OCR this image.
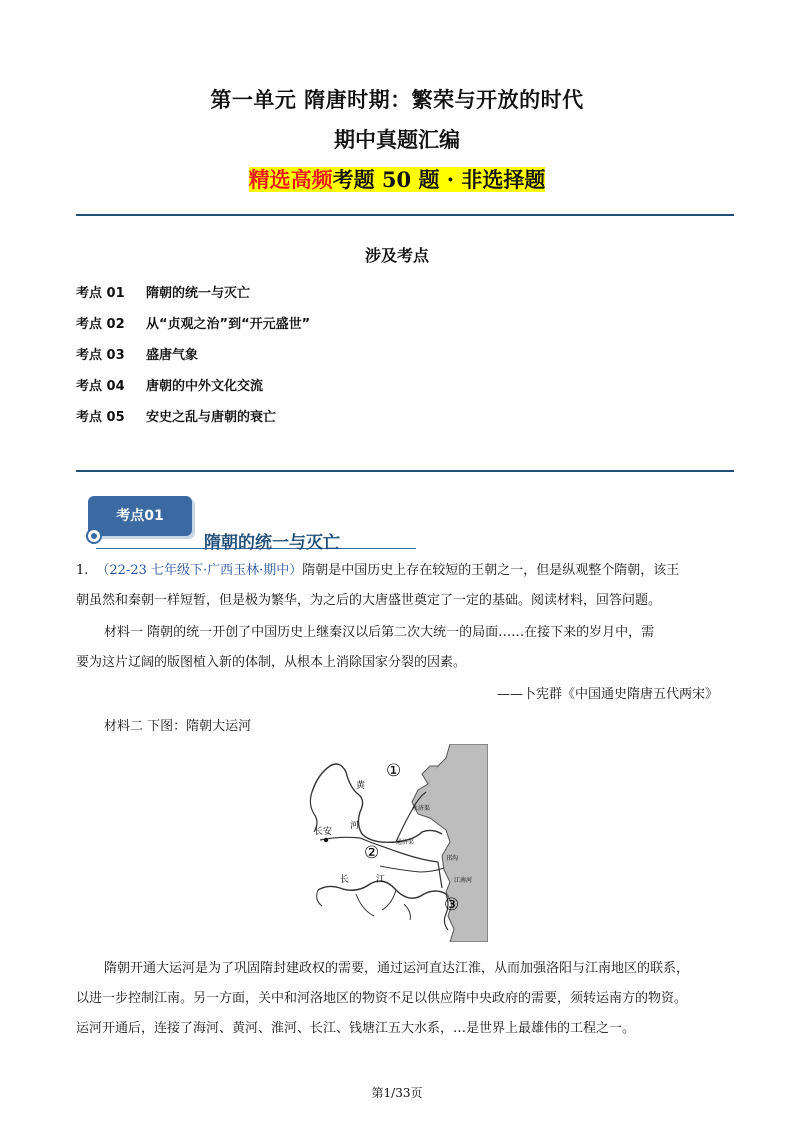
第一单元 隋唐时期：繁荣与开放的时代
期中真题汇编
精选高频考题 50 题 · 非选择题
涉及考点
考点 01 隋朝的统一与灭亡
考点 02 从“贞观之治”到“开元盛世”
考点 03 盛唐气象
考点 04 唐朝的中外文化交流
考点 05 安史之乱与唐朝的衰亡
考点01
隋朝的统一与灭亡
1. （22-23 七年级下·广西玉林·期中）隋朝是中国历史上存在较短的王朝之一，但是纵观整个隋朝，该王
朝虽然和秦朝一样短暂，但是极为繁华，为之后的大唐盛世奠定了一定的基础。阅读材料，回答问题。
材料一 隋朝的统一开创了中国历史上继秦汉以后第二次大统一的局面……在接下来的岁月中，需
要为这片辽阔的版图植入新的体制，从根本上消除国家分裂的因素。
——卜宪群《中国通史隋唐五代两宋》
材料二 下图：隋朝大运河
①
②
③
黄
河
长安
长	江
永济渠
通济渠
邗沟
江南河
隋朝开通大运河是为了巩固隋封建政权的需要，通过运河直达江淮，从而加强洛阳与江南地区的联系，
以进一步控制江南。另一方面，关中和河洛地区的物资不足以供应隋中央政府的需要，须转运南方的物资。
运河开通后，连接了海河、黄河、淮河、长江、钱塘江五大水系，…是世界上最雄伟的工程之一。
第1/33页
